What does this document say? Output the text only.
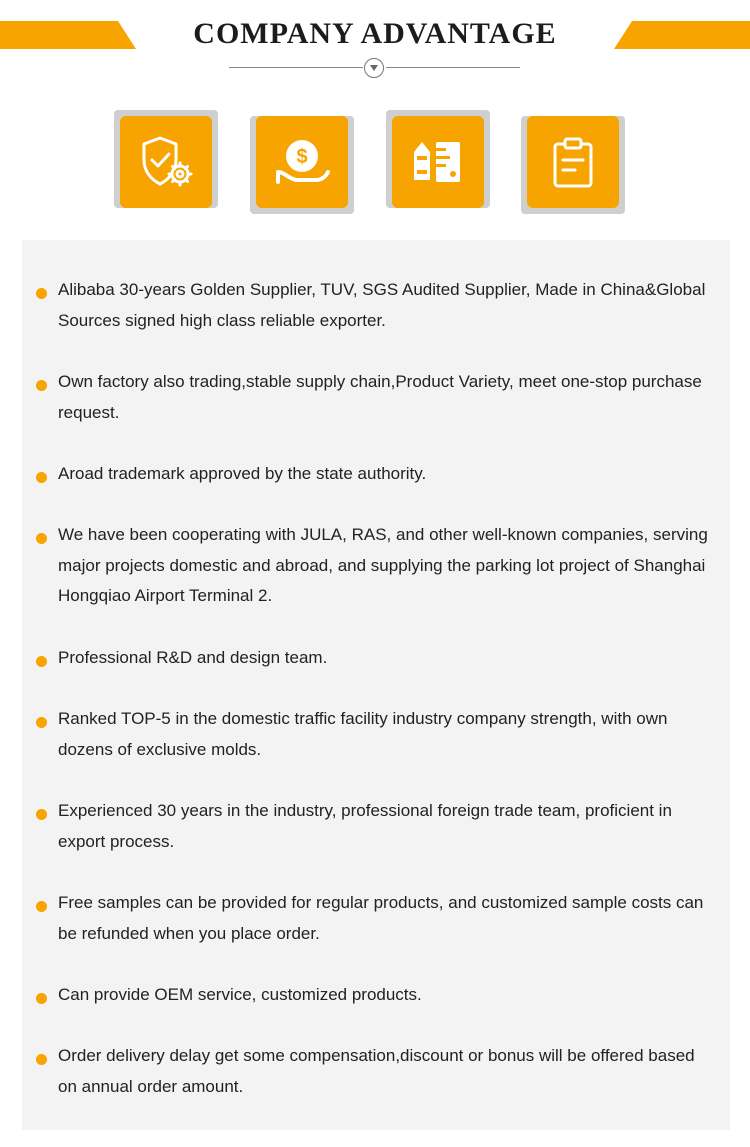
COMPANY ADVANTAGE
$
Alibaba 30-years Golden Supplier, TUV, SGS Audited Supplier, Made in China&Global Sources signed high class reliable exporter.
Own factory also trading,stable supply chain,Product Variety, meet one-stop purchase request.
Aroad trademark approved by the state authority.
We have been cooperating with JULA, RAS, and other well-known companies, serving major projects domestic and abroad, and supplying the parking lot project of Shanghai Hongqiao Airport Terminal 2.
Professional R&D and design team.
Ranked TOP-5 in the domestic traffic facility industry company strength, with own dozens of exclusive molds.
Experienced 30 years in the industry, professional foreign trade team, proficient in export process.
Free samples can be provided for regular products, and customized sample costs can be refunded when you place order.
Can provide OEM service, customized products.
Order delivery delay get some compensation,discount or bonus will be offered based on annual order amount.
